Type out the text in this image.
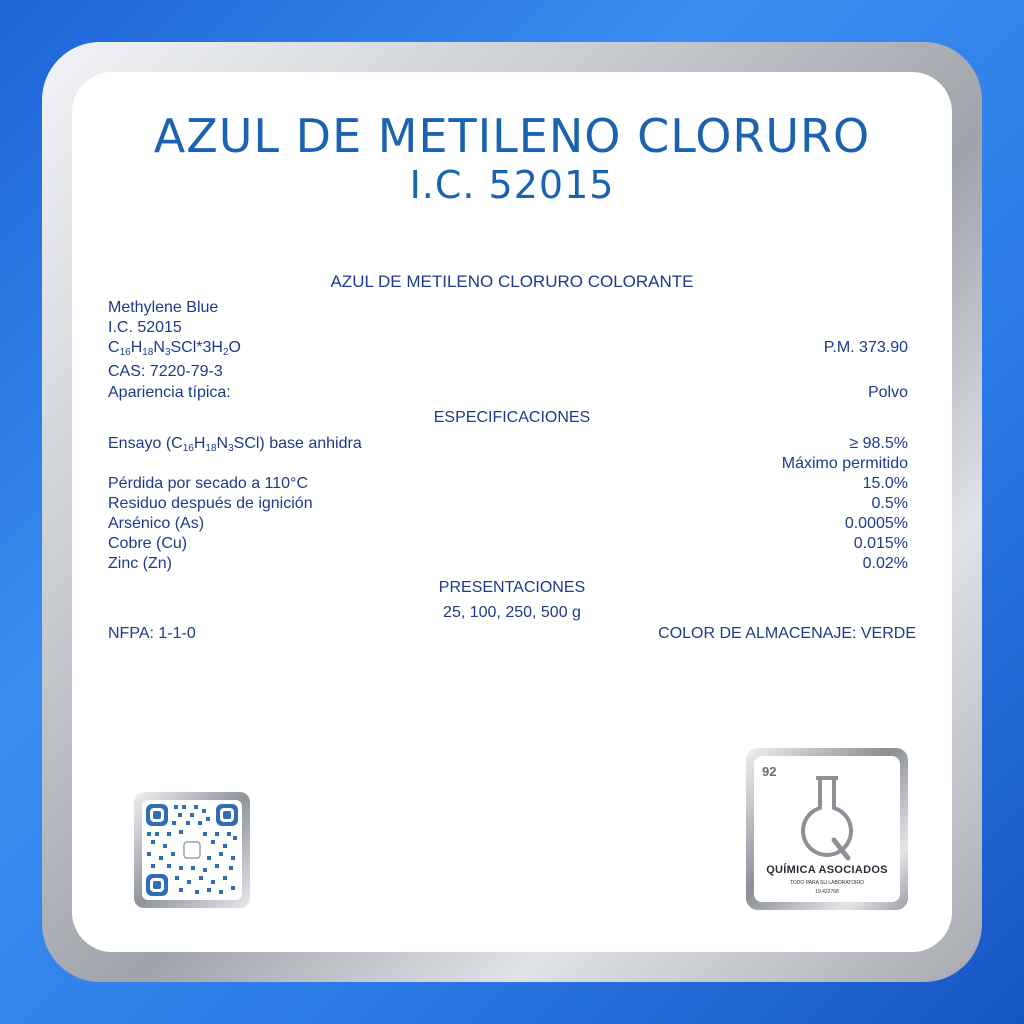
AZUL DE METILENO CLORURO
I.C. 52015
AZUL DE METILENO CLORURO COLORANTE
Methylene Blue
I.C. 52015
$C_{16}H_{18}N_3SCl*3H_2O$	P.M. 373.90
CAS: 7220-79-3
Apariencia típica:	Polvo
ESPECIFICACIONES
Ensayo $(C_{16}H_{18}N_3SCl)$ base anhidra	≥ 98.5%
Máximo permitido
Pérdida por secado a 110°C	15.0%
Residuo después de ignición	0.5%
Arsénico (As)	0.0005%
Cobre (Cu)	0.015%
Zinc (Zn)	0.02%
PRESENTACIONES
25, 100, 250, 500 g
NFPA: 1-1-0	COLOR DE ALMACENAJE: VERDE
92
QUÍMICA ASOCIADOS
TODO PARA SU LABORATORIO
19.422768
